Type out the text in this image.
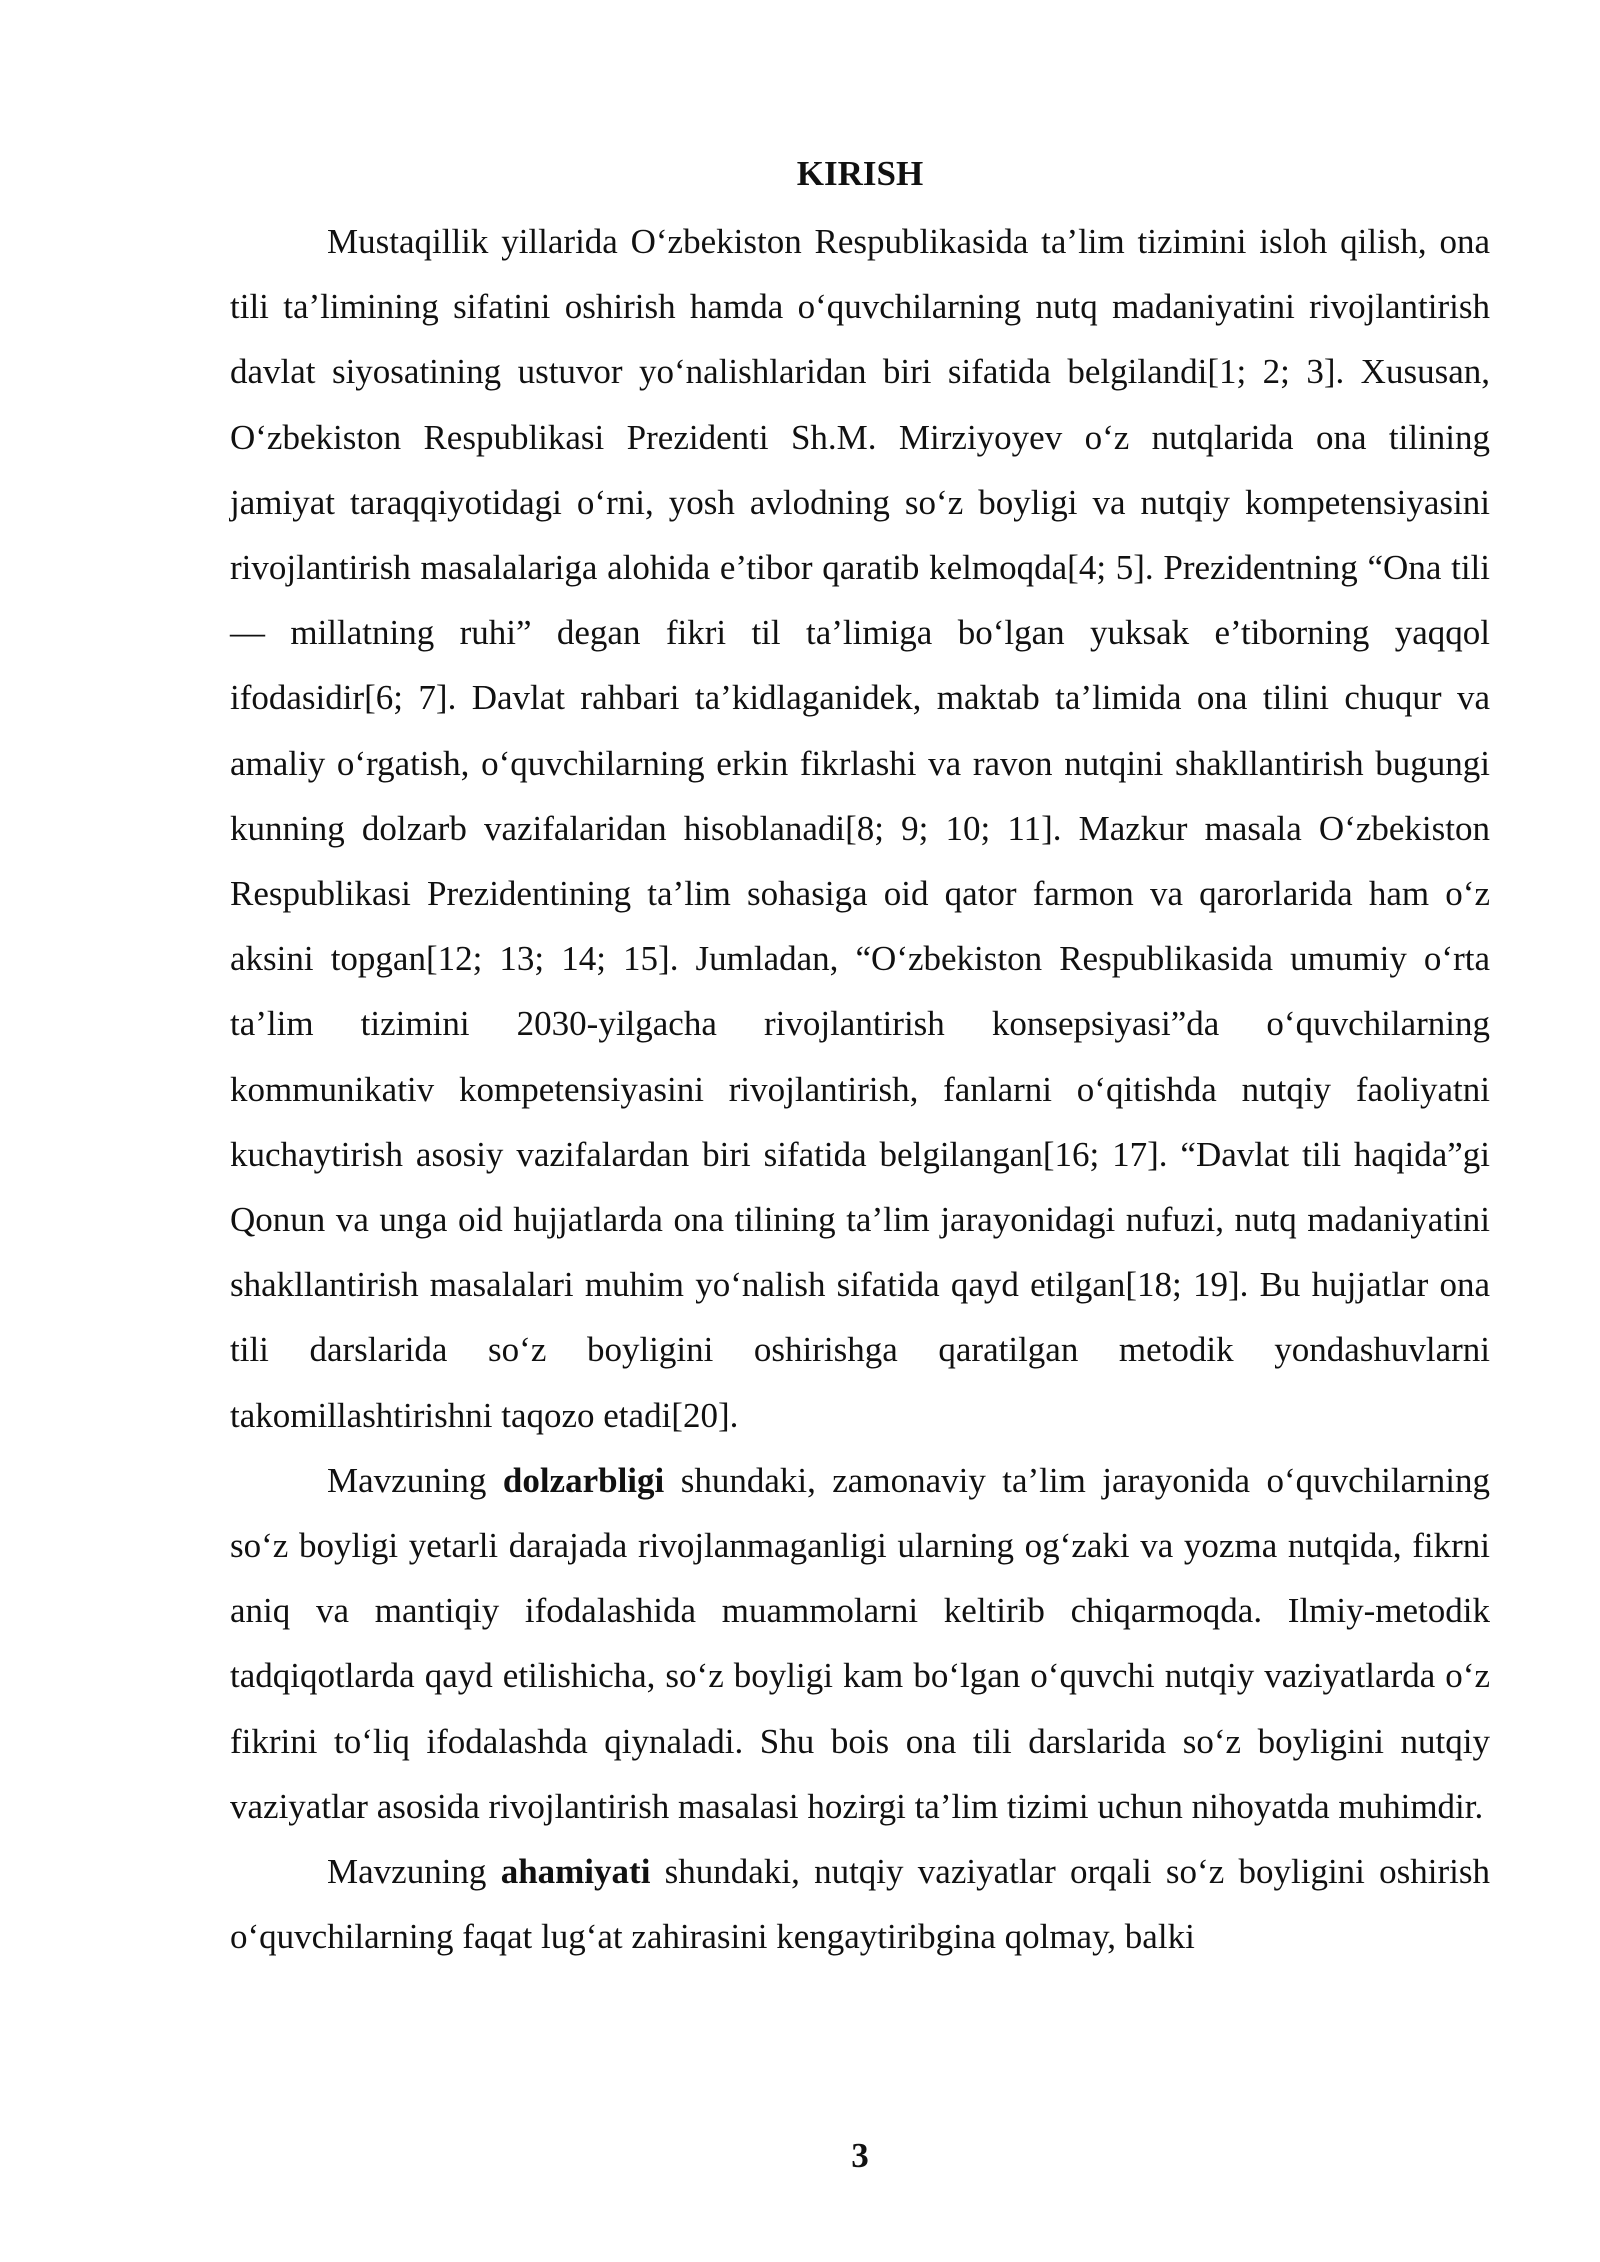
KIRISH

Mustaqillik yillarida O‘zbekiston Respublikasida ta’lim tizimini isloh qilish, ona tili ta’limining sifatini oshirish hamda o‘quvchilarning nutq madaniyatini rivojlantirish davlat siyosatining ustuvor yo‘nalishlaridan biri sifatida belgilandi[1; 2; 3]. Xususan, O‘zbekiston Respublikasi Prezidenti Sh.M. Mirziyoyev o‘z nutqlarida ona tilining jamiyat taraqqiyotidagi o‘rni, yosh avlodning so‘z boyligi va nutqiy kompetensiyasini rivojlantirish masalalariga alohida e’tibor qaratib kelmoqda[4; 5]. Prezidentning “Ona tili — millatning ruhi” degan fikri til ta’limiga bo‘lgan yuksak e’tiborning yaqqol ifodasidir[6; 7]. Davlat rahbari ta’kidlaganidek, maktab ta’limida ona tilini chuqur va amaliy o‘rgatish, o‘quvchilarning erkin fikrlashi va ravon nutqini shakllantirish bugungi kunning dolzarb vazifalaridan hisoblanadi[8; 9; 10; 11]. Mazkur masala O‘zbekiston Respublikasi Prezidentining ta’lim sohasiga oid qator farmon va qarorlarida ham o‘z aksini topgan[12; 13; 14; 15]. Jumladan, “O‘zbekiston Respublikasida umumiy o‘rta ta’lim tizimini 2030-yilgacha rivojlantirish konsepsiyasi”da o‘quvchilarning kommunikativ kompetensiyasini rivojlantirish, fanlarni o‘qitishda nutqiy faoliyatni kuchaytirish asosiy vazifalardan biri sifatida belgilangan[16; 17]. “Davlat tili haqida”gi Qonun va unga oid hujjatlarda ona tilining ta’lim jarayonidagi nufuzi, nutq madaniyatini shakllantirish masalalari muhim yo‘nalish sifatida qayd etilgan[18; 19]. Bu hujjatlar ona tili darslarida so‘z boyligini oshirishga qaratilgan metodik yondashuvlarni takomillashtirishni taqozo etadi[20].

Mavzuning dolzarbligi shundaki, zamonaviy ta’lim jarayonida o‘quvchilarning so‘z boyligi yetarli darajada rivojlanmaganligi ularning og‘zaki va yozma nutqida, fikrni aniq va mantiqiy ifodalashida muammolarni keltirib chiqarmoqda. Ilmiy-metodik tadqiqotlarda qayd etilishicha, so‘z boyligi kam bo‘lgan o‘quvchi nutqiy vaziyatlarda o‘z fikrini to‘liq ifodalashda qiynaladi. Shu bois ona tili darslarida so‘z boyligini nutqiy vaziyatlar asosida rivojlantirish masalasi hozirgi ta’lim tizimi uchun nihoyatda muhimdir.

Mavzuning ahamiyati shundaki, nutqiy vaziyatlar orqali so‘z boyligini oshirish o‘quvchilarning faqat lug‘at zahirasini kengaytiribgina qolmay, balki

3
